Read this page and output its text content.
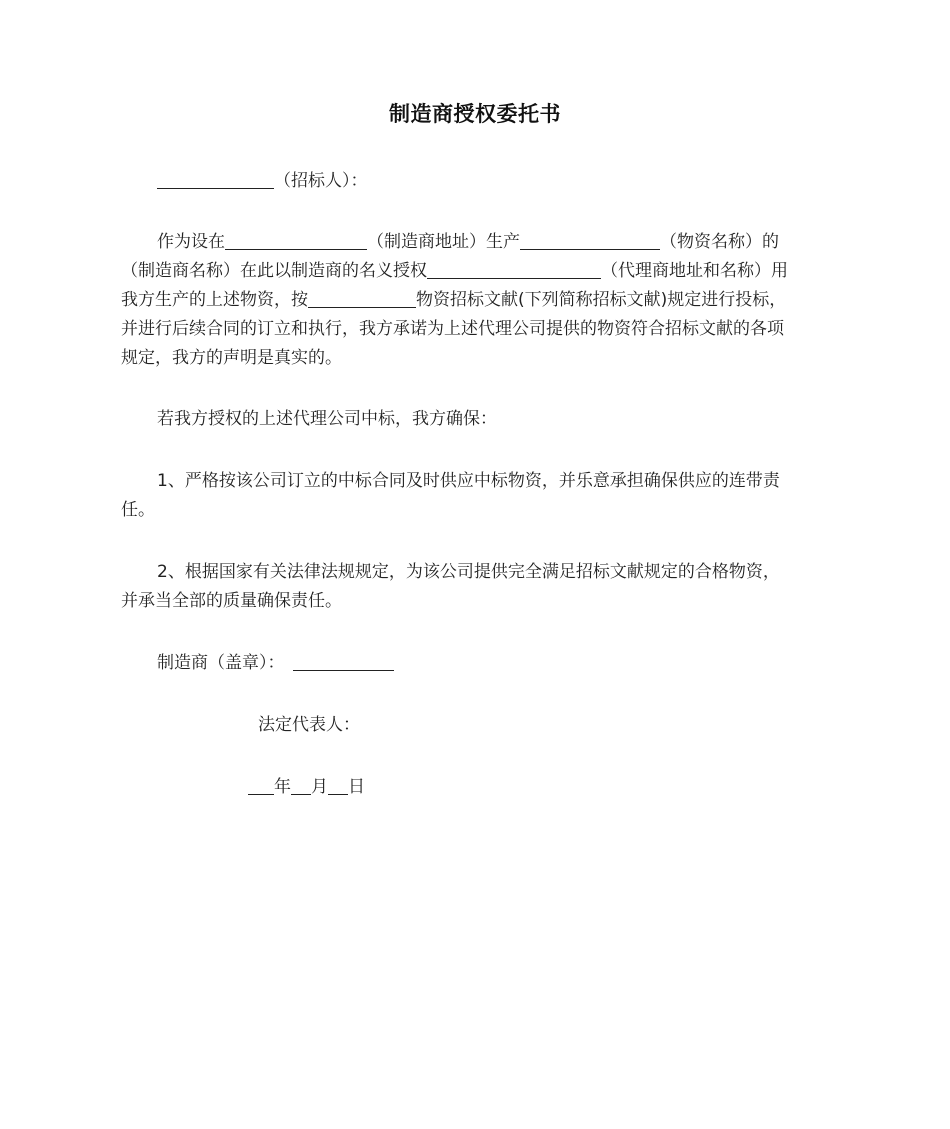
制造商授权委托书
（招标人）：
作为设在	（制造商地址）生产	（物资名称）的
（制造商名称）在此以制造商的名义授权	（代理商地址和名称）用
我方生产的上述物资，按	物资招标文献(下列简称招标文献)规定进行投标，
并进行后续合同的订立和执行，我方承诺为上述代理公司提供的物资符合招标文献的各项
规定，我方的声明是真实的。
若我方授权的上述代理公司中标，我方确保：
1、严格按该公司订立的中标合同及时供应中标物资，并乐意承担确保供应的连带责
任。
2、根据国家有关法律法规规定，为该公司提供完全满足招标文献规定的合格物资，
并承当全部的质量确保责任。
制造商（盖章）：
法定代表人：
年 月 日
